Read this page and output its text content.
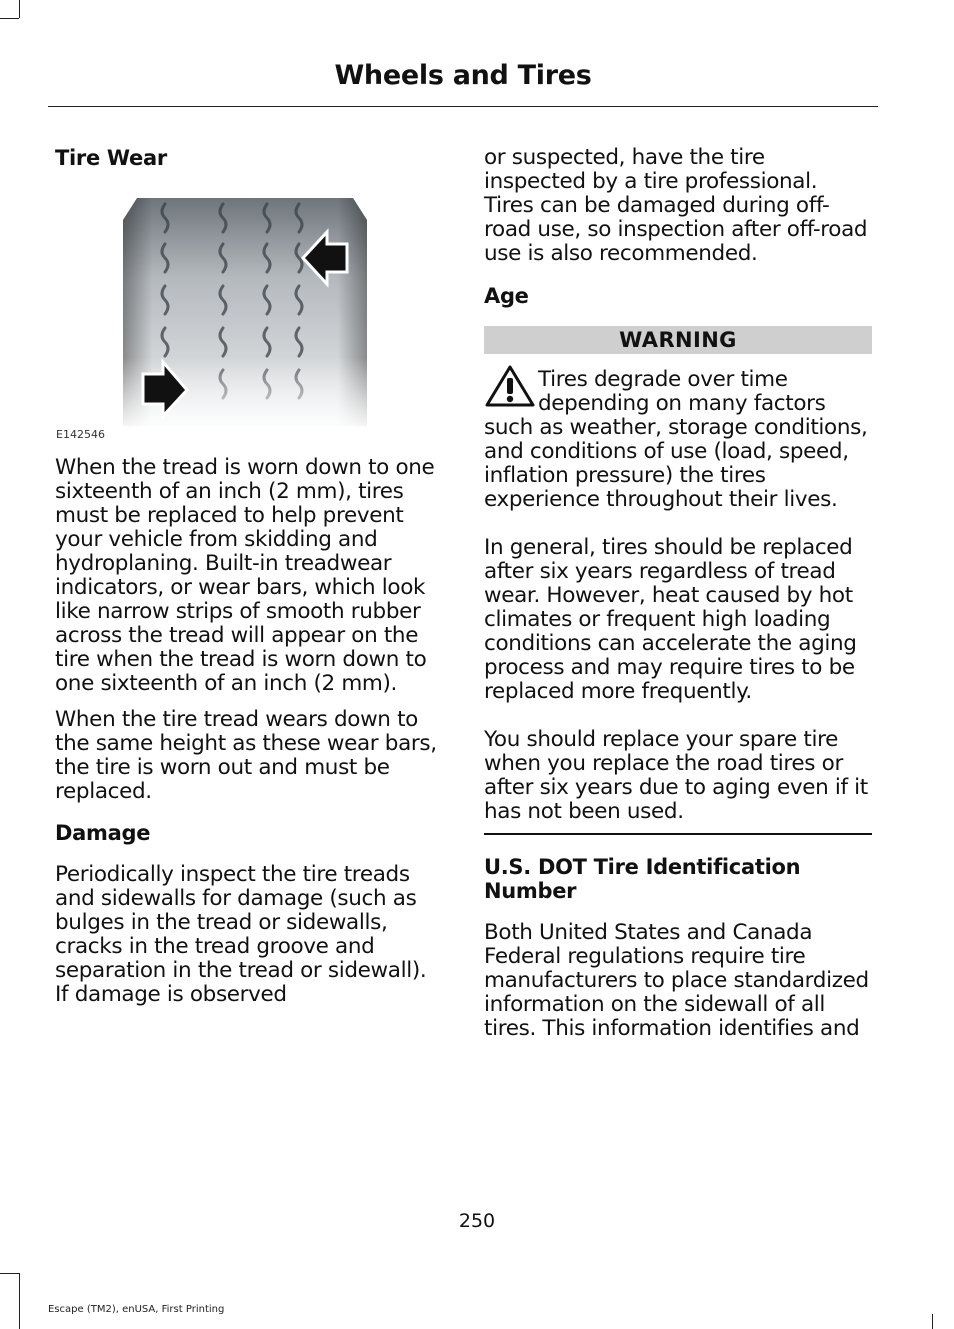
Wheels and Tires
Tire Wear
E142546

When the tread is worn down to one sixteenth of an inch (2 mm), tires must be replaced to help prevent your vehicle from skidding and hydroplaning. Built-in treadwear indicators, or wear bars, which look like narrow strips of smooth rubber across the tread will appear on the tire when the tread is worn down to one sixteenth of an inch (2 mm).

When the tire tread wears down to the same height as these wear bars, the tire is worn out and must be replaced.

Damage

Periodically inspect the tire treads and sidewalls for damage (such as bulges in the tread or sidewalls, cracks in the tread groove and separation in the tread or sidewall). If damage is observed

or suspected, have the tire inspected by a tire professional. Tires can be damaged during off-road use, so inspection after off-road use is also recommended.

Age
WARNING

Tires degrade over time depending on many factors such as weather, storage conditions, and conditions of use (load, speed, inflation pressure) the tires experience throughout their lives.

In general, tires should be replaced after six years regardless of tread wear. However, heat caused by hot climates or frequent high loading conditions can accelerate the aging process and may require tires to be replaced more frequently.

You should replace your spare tire when you replace the road tires or after six years due to aging even if it has not been used.

U.S. DOT Tire Identification Number

Both United States and Canada Federal regulations require tire manufacturers to place standardized information on the sidewall of all tires. This information identifies and

250
Escape (TM2), enUSA, First Printing
